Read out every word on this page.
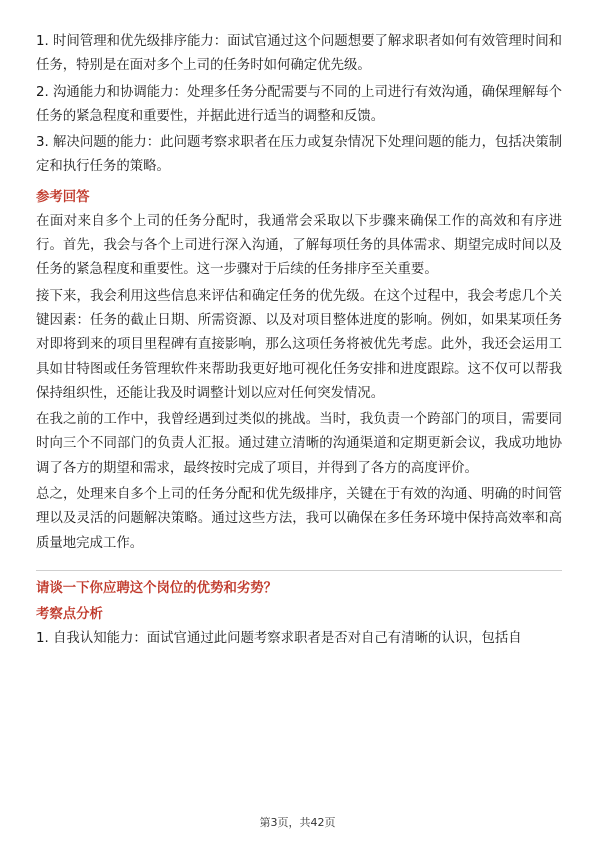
1. 时间管理和优先级排序能力：面试官通过这个问题想要了解求职者如何有效管理时间和任务，特别是在面对多个上司的任务时如何确定优先级。

2. 沟通能力和协调能力：处理多任务分配需要与不同的上司进行有效沟通，确保理解每个任务的紧急程度和重要性，并据此进行适当的调整和反馈。

3. 解决问题的能力：此问题考察求职者在压力或复杂情况下处理问题的能力，包括决策制定和执行任务的策略。

参考回答

在面对来自多个上司的任务分配时，我通常会采取以下步骤来确保工作的高效和有序进行。首先，我会与各个上司进行深入沟通，了解每项任务的具体需求、期望完成时间以及任务的紧急程度和重要性。这一步骤对于后续的任务排序至关重要。

接下来，我会利用这些信息来评估和确定任务的优先级。在这个过程中，我会考虑几个关键因素：任务的截止日期、所需资源、以及对项目整体进度的影响。例如，如果某项任务对即将到来的项目里程碑有直接影响，那么这项任务将被优先考虑。此外，我还会运用工具如甘特图或任务管理软件来帮助我更好地可视化任务安排和进度跟踪。这不仅可以帮我保持组织性，还能让我及时调整计划以应对任何突发情况。

在我之前的工作中，我曾经遇到过类似的挑战。当时，我负责一个跨部门的项目，需要同时向三个不同部门的负责人汇报。通过建立清晰的沟通渠道和定期更新会议，我成功地协调了各方的期望和需求，最终按时完成了项目，并得到了各方的高度评价。

总之，处理来自多个上司的任务分配和优先级排序，关键在于有效的沟通、明确的时间管理以及灵活的问题解决策略。通过这些方法，我可以确保在多任务环境中保持高效率和高质量地完成工作。

请谈一下你应聘这个岗位的优势和劣势？
考察点分析

1. 自我认知能力：面试官通过此问题考察求职者是否对自己有清晰的认识，包括自

第3页，共42页
